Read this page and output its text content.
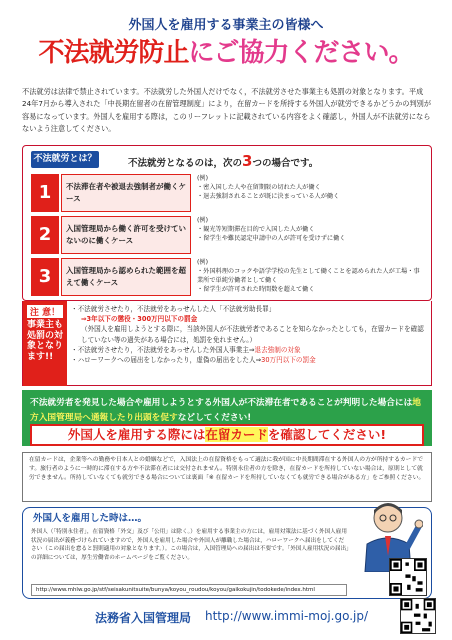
外国人を雇用する事業主の皆様へ
不法就労防止にご協力ください。
不法就労は法律で禁止されています。不法就労した外国人だけでなく，不法就労させた事業主も処罰の対象となります。平成24年7月から導入された「中長期在留者の在留管理制度」により，在留カードを所持する外国人が就労できるかどうかの判別が容易になっています。外国人を雇用する際は，このリーフレットに記載されている内容をよく確認し，外国人が不法就労にならないよう注意してください。
不法就労とは？	不法就労となるのは，次の3つの場合です。
1	不法滞在者や被退去強制者が働くケース
(例)
・密入国した人や在留期限の切れた人が働く
・退去強制されることが既に決まっている人が働く
2	入国管理局から働く許可を受けていないのに働くケース
(例)
・観光等短期滞在目的で入国した人が働く
・留学生や難民認定申請中の人が許可を受けずに働く
3	入国管理局から認められた範囲を超えて働くケース
(例)
・外国料理のコックや語学学校の先生として働くことを認められた人が工場・事業所で単純労働者として働く
・留学生が許可された時間数を超えて働く
注 意！
事業主も処罰の対象となります!!
・不法就労させたり，不法就労をあっせんした人「不法就労助長罪」
⇒3年以下の懲役・300万円以下の罰金
（外国人を雇用しようとする際に，当該外国人が不法就労者であることを知らなかったとしても，在留カードを確認していない等の過失がある場合には，処罰を免れません。）
・不法就労させたり，不法就労をあっせんした外国人事業主⇒退去強制の対象
・ハローワークへの届出をしなかったり，虚偽の届出をした人⇒30万円以下の罰金
不法就労者を発見した場合や雇用しようとする外国人が不法滞在者であることが判明した場合には地方入国管理局へ通報したり出頭を促すなどしてください!
外国人を雇用する際には在留カードを確認してください!
在留カードは，企業等への勤務や日本人との婚姻などで，入国法上の在留資格をもって適法に我が国に中長期間滞在する外国人の方が所持するカードです。旅行者のように一時的に滞在する方や不法滞在者には交付されません。特別永住者の方を除き，在留カードを所持していない場合は，原則として就労できません。所持していなくても就労できる場合については裏面「※ 在留カードを所持していなくても就労できる場合がある方」をご参照ください。
外国人を雇用した時は…。
外国人（「特別永住者」，在留資格「外交」及び「公用」は除く。）を雇用する事業主の方には，雇用対策法に基づく外国人雇用状況の届出が義務づけられていますので，外国人を雇用した場合や外国人が離職した場合は，ハローワークへ届出をしてください（この届出を怠ると罰則適用の対象となります。）。この場合は，入国管理局への届出は不要です。「外国人雇用状況の届出」の詳細については，厚生労働省のホームページをご覧ください。
http://www.mhlw.go.jp/stf/seisakunitsuite/bunya/koyou_roudou/koyou/gaikokujin/todokede/index.html
法務省入国管理局 http://www.immi-moj.go.jp/
